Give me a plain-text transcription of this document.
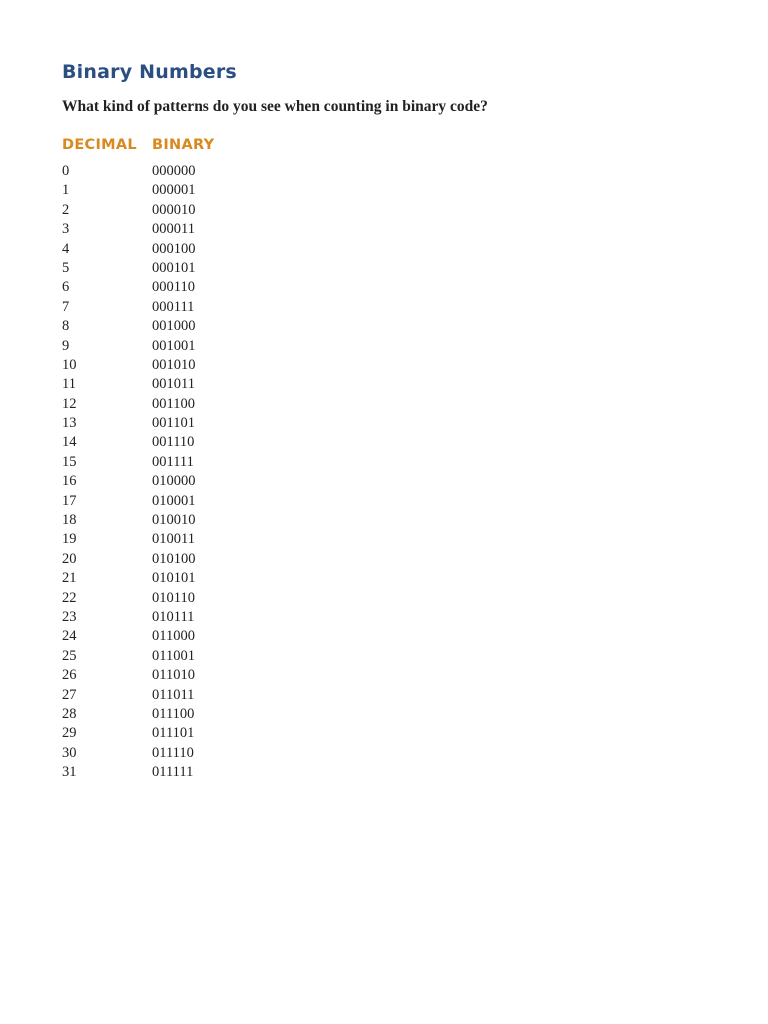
Binary Numbers

What kind of patterns do you see when counting in binary code?

DECIMAL BINARY
0	000000
1	000001
2	000010
3	000011
4	000100
5	000101
6	000110
7	000111
8	001000
9	001001
10	001010
11	001011
12	001100
13	001101
14	001110
15	001111
16	010000
17	010001
18	010010
19	010011
20	010100
21	010101
22	010110
23	010111
24	011000
25	011001
26	011010
27	011011
28	011100
29	011101
30	011110
31	011111
